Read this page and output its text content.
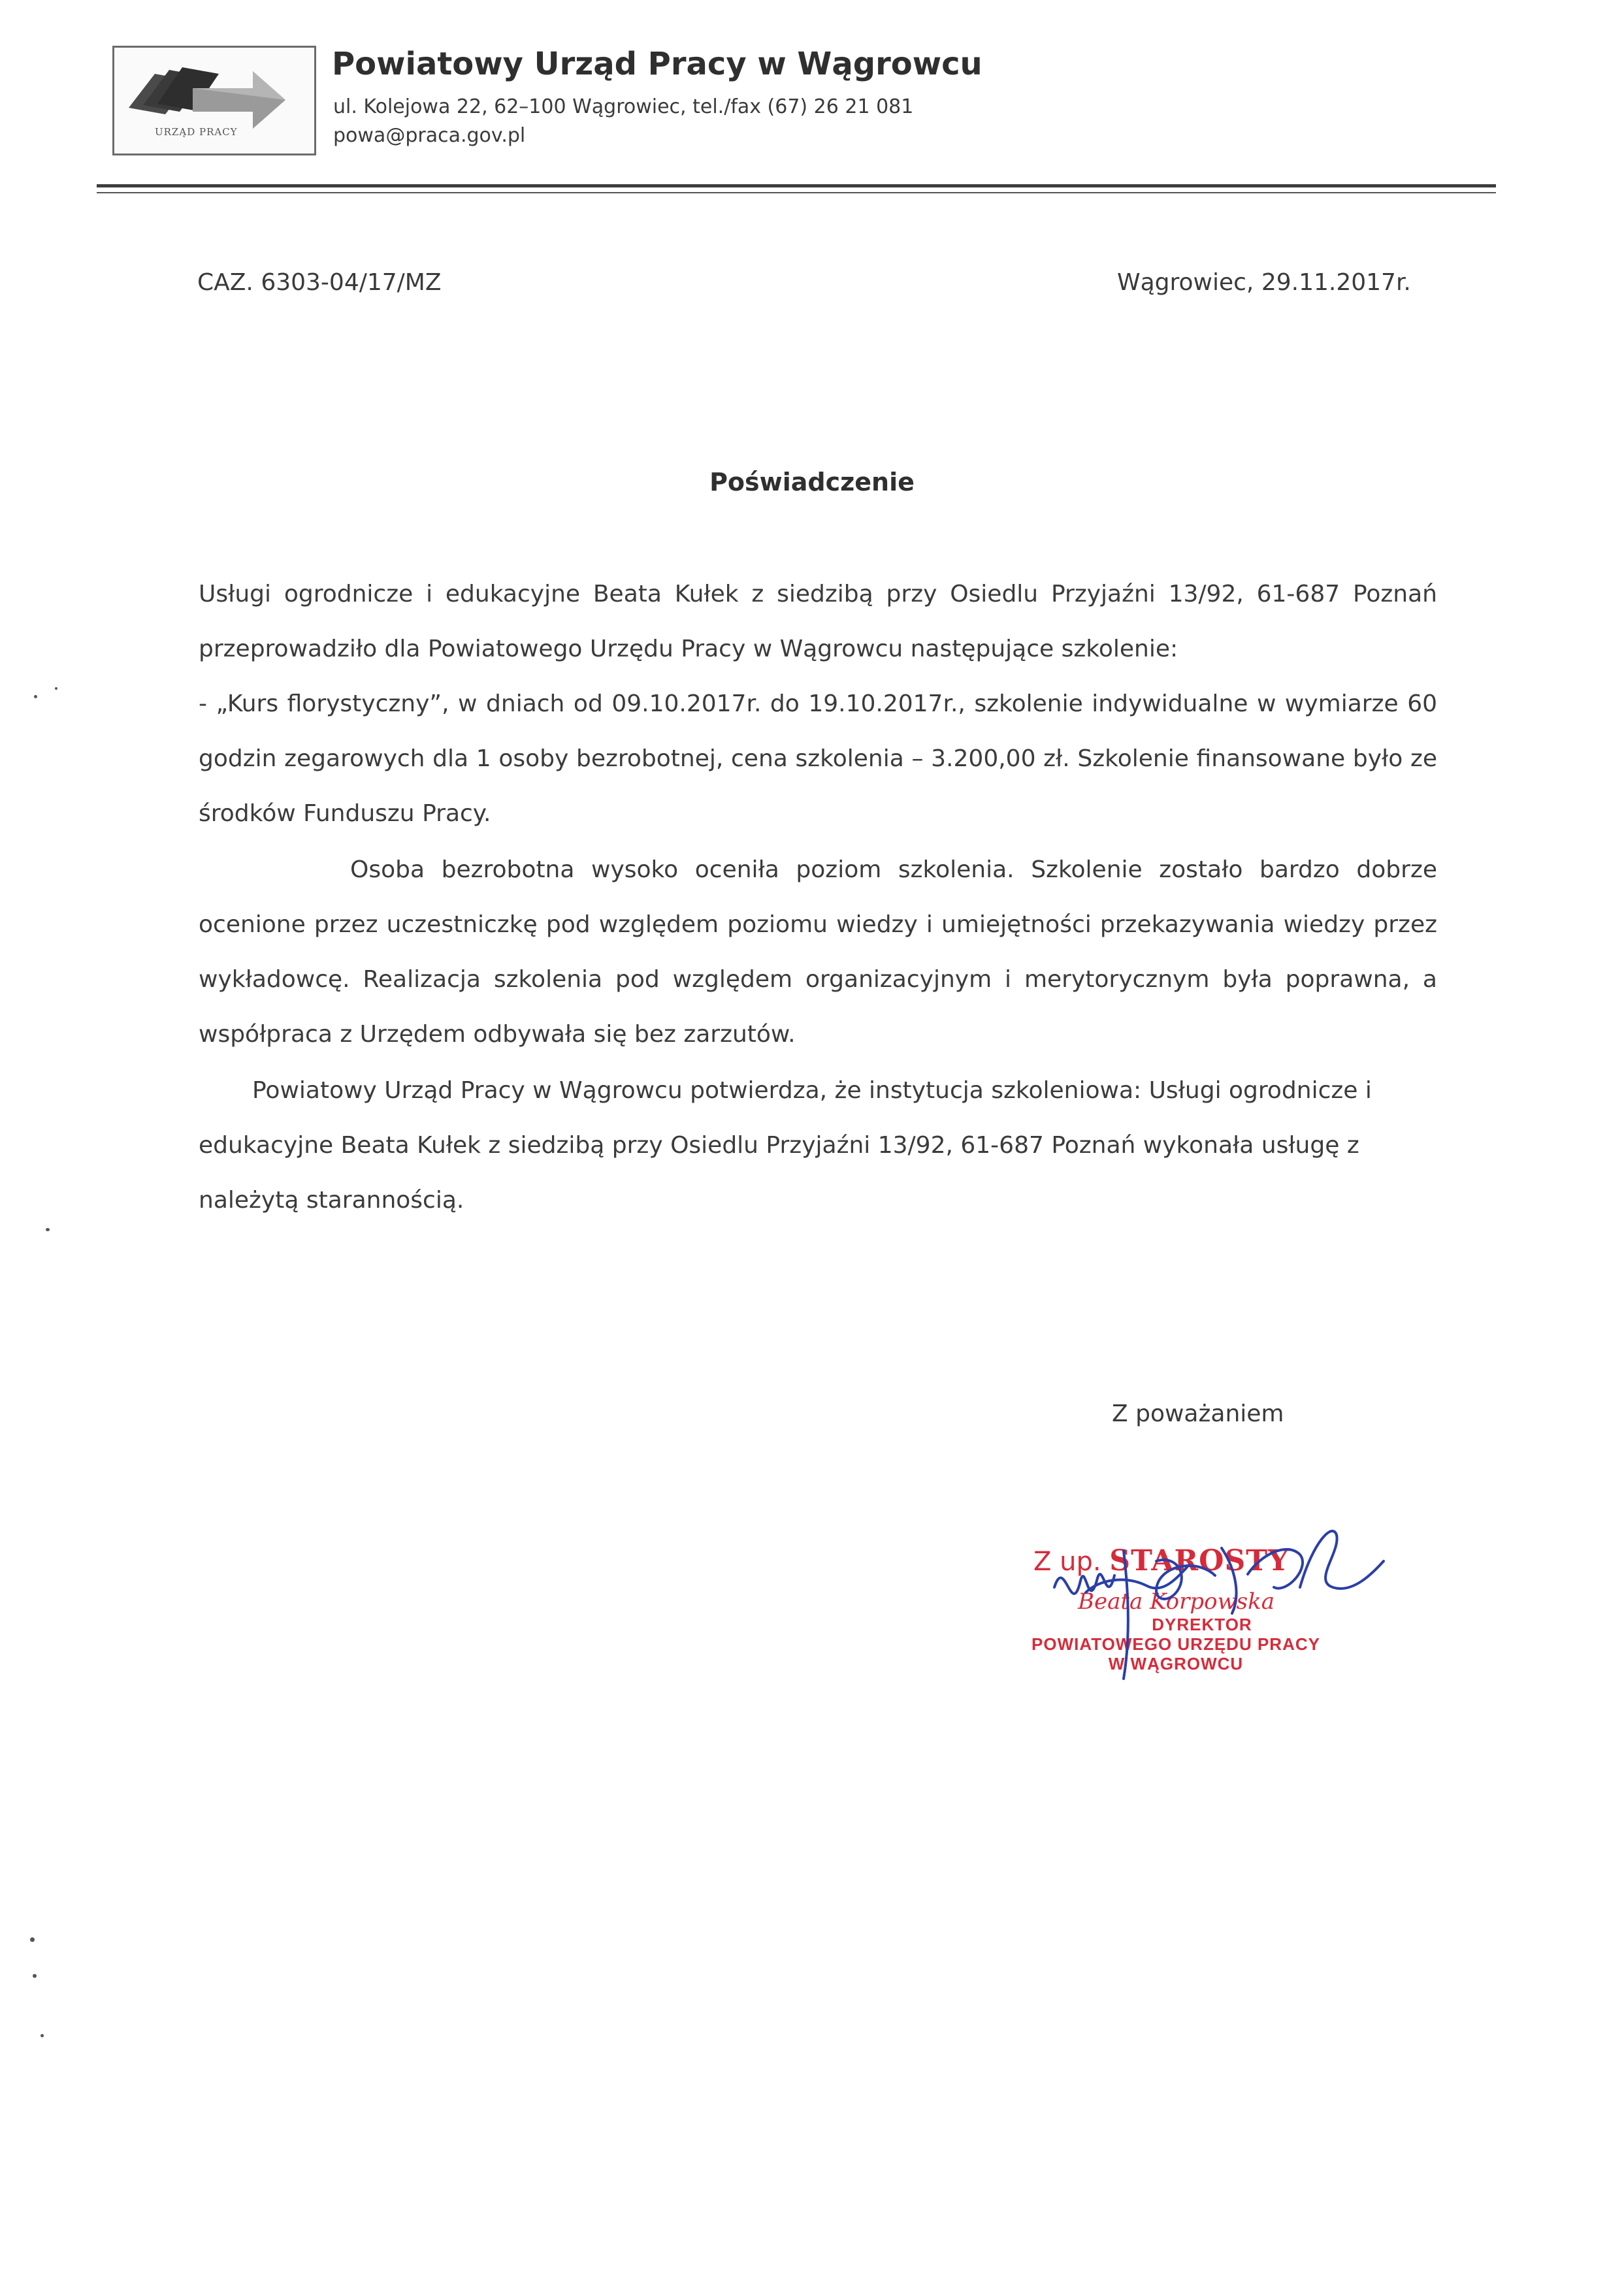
URZĄD PRACY
Powiatowy Urząd Pracy w Wągrowcu
ul. Kolejowa 22, 62–100 Wągrowiec, tel./fax (67) 26 21 081
powa@praca.gov.pl
CAZ. 6303-04/17/MZ	Wągrowiec, 29.11.2017r.
Poświadczenie

Usługi ogrodnicze i edukacyjne Beata Kułek z siedzibą przy Osiedlu Przyjaźni 13/92, 61-687 Poznań przeprowadziło dla Powiatowego Urzędu Pracy w Wągrowcu następujące szkolenie:

- „Kurs florystyczny”, w dniach od 09.10.2017r. do 19.10.2017r., szkolenie indywidualne w wymiarze 60 godzin zegarowych dla 1 osoby bezrobotnej, cena szkolenia – 3.200,00 zł. Szkolenie finansowane było ze środków Funduszu Pracy.

Osoba bezrobotna wysoko oceniła poziom szkolenia. Szkolenie zostało bardzo dobrze ocenione przez uczestniczkę pod względem poziomu wiedzy i umiejętności przekazywania wiedzy przez wykładowcę. Realizacja szkolenia pod względem organizacyjnym i merytorycznym była poprawna, a współpraca z Urzędem odbywała się bez zarzutów.

Powiatowy Urząd Pracy w Wągrowcu potwierdza, że instytucja szkoleniowa: Usługi ogrodnicze i edukacyjne Beata Kułek z siedzibą przy Osiedlu Przyjaźni 13/92, 61-687 Poznań wykonała usługę z należytą starannością.

Z poważaniem
Z up. STAROSTY
Beata Korpowska
DYREKTOR
POWIATOWEGO URZĘDU PRACY
W WĄGROWCU
